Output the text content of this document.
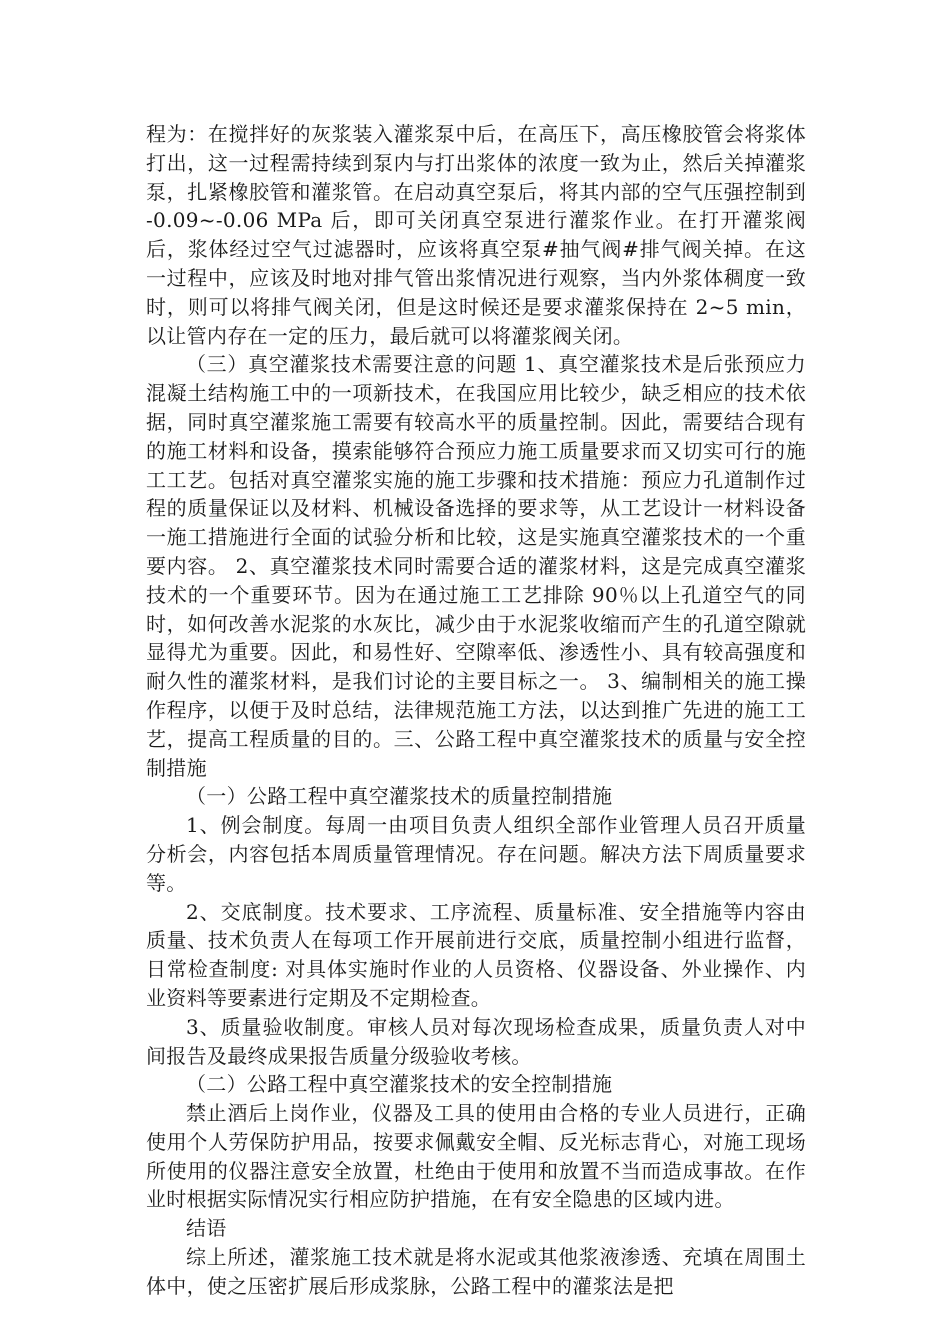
程为：在搅拌好的灰浆装入灌浆泵中后，在高压下，高压橡胶管会将浆体打出，这一过程需持续到泵内与打出浆体的浓度一致为止，然后关掉灌浆泵，扎紧橡胶管和灌浆管。在启动真空泵后，将其内部的空气压强控制到 -0.09~-0.06 MPa 后，即可关闭真空泵进行灌浆作业。在打开灌浆阀后，浆体经过空气过滤器时，应该将真空泵#抽气阀#排气阀关掉。在这一过程中，应该及时地对排气管出浆情况进行观察，当内外浆体稠度一致时，则可以将排气阀关闭，但是这时候还是要求灌浆保持在 2~5 min，以让管内存在一定的压力，最后就可以将灌浆阀关闭。

（三）真空灌浆技术需要注意的问题 1、真空灌浆技术是后张预应力混凝土结构施工中的一项新技术，在我国应用比较少，缺乏相应的技术依据，同时真空灌浆施工需要有较高水平的质量控制。因此，需要结合现有的施工材料和设备，摸索能够符合预应力施工质量要求而又切实可行的施工工艺。包括对真空灌浆实施的施工步骤和技术措施：预应力孔道制作过程的质量保证以及材料、机械设备选择的要求等，从工艺设计一材料设备一施工措施进行全面的试验分析和比较，这是实施真空灌浆技术的一个重要内容。 2、真空灌浆技术同时需要合适的灌浆材料，这是完成真空灌浆技术的一个重要环节。因为在通过施工工艺排除 90％以上孔道空气的同时，如何改善水泥浆的水灰比，减少由于水泥浆收缩而产生的孔道空隙就显得尤为重要。因此，和易性好、空隙率低、渗透性小、具有较高强度和耐久性的灌浆材料，是我们讨论的主要目标之一。 3、编制相关的施工操作程序，以便于及时总结，法律规范施工方法，以达到推广先进的施工工艺，提高工程质量的目的。三、公路工程中真空灌浆技术的质量与安全控制措施

（一）公路工程中真空灌浆技术的质量控制措施

1、例会制度。每周一由项目负责人组织全部作业管理人员召开质量分析会，内容包括本周质量管理情况。存在问题。解决方法下周质量要求等。

2、交底制度。技术要求、工序流程、质量标准、安全措施等内容由质量、技术负责人在每项工作开展前进行交底，质量控制小组进行监督，日常检查制度: 对具体实施时作业的人员资格、仪器设备、外业操作、内业资料等要素进行定期及不定期检查。

3、质量验收制度。审核人员对每次现场检查成果，质量负责人对中间报告及最终成果报告质量分级验收考核。

（二）公路工程中真空灌浆技术的安全控制措施

禁止酒后上岗作业，仪器及工具的使用由合格的专业人员进行，正确使用个人劳保防护用品，按要求佩戴安全帽、反光标志背心，对施工现场所使用的仪器注意安全放置，杜绝由于使用和放置不当而造成事故。在作业时根据实际情况实行相应防护措施，在有安全隐患的区域内进。

结语

综上所述，灌浆施工技术就是将水泥或其他浆液渗透、充填在周围土体中，使之压密扩展后形成浆脉，公路工程中的灌浆法是把
